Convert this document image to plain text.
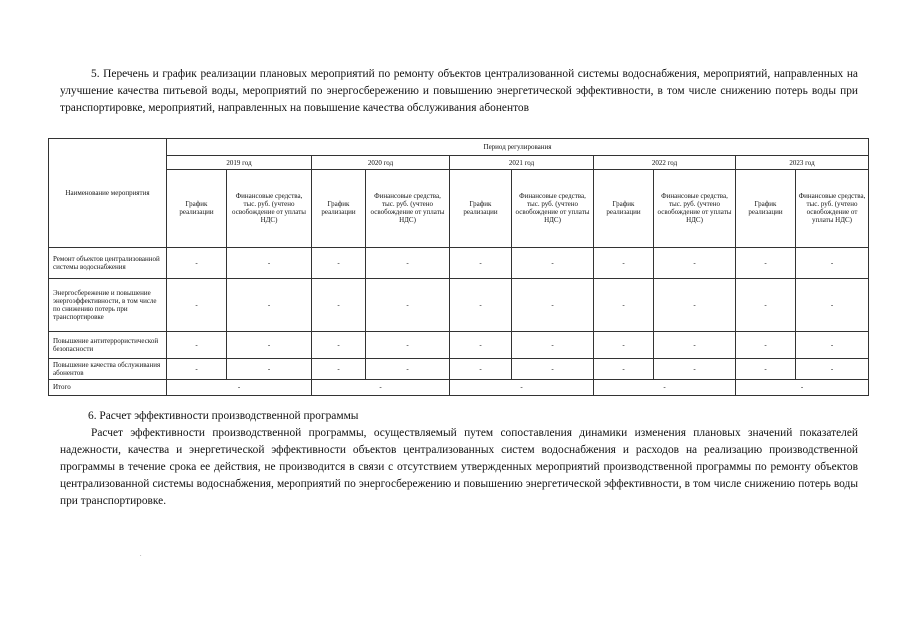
5. Перечень и график реализации плановых мероприятий по ремонту объектов централизованной системы водоснабжения, мероприятий, направленных на улучшение качества питьевой воды, мероприятий по энергосбережению и повышению энергетической эффективности, в том числе снижению потерь воды при транспортировке, мероприятий, направленных на повышение качества обслуживания абонентов

Наименование мероприятия	Период регулирования									
	2019 год		2020 год		2021 год		2022 год		2023 год	
	График реализации	Финансовые средства, тыс. руб. (учтено освобождение от уплаты НДС)	График реализации	Финансовые средства, тыс. руб. (учтено освобождение от уплаты НДС)	График реализации	Финансовые средства, тыс. руб. (учтено освобождение от уплаты НДС)	График реализации	Финансовые средства, тыс. руб. (учтено освобождение от уплаты НДС)	График реализации	Финансовые средства, тыс. руб. (учтено освобождение от уплаты НДС)
Ремонт объектов централизованной системы водоснабжения	-	-	-	-	-	-	-	-	-	-
Энергосбережение и повышение энергоэффективности, в том числе по снижению потерь при транспортировке	-	-	-	-	-	-	-	-	-	-
Повышение антитеррористической безопасности	-	-	-	-	-	-	-	-	-	-
Повышение качества обслуживания абонентов	-	-	-	-	-	-	-	-	-	-
Итого	-		-		-		-		-	

6. Расчет эффективности производственной программы

Расчет эффективности производственной программы, осуществляемый путем сопоставления динамики изменения плановых значений показателей надежности, качества и энергетической эффективности объектов централизованных систем водоснабжения и расходов на реализацию производственной программы в течение срока ее действия, не производится в связи с отсутствием утвержденных мероприятий производственной программы по ремонту объектов централизованной системы водоснабжения, мероприятий по энергосбережению и повышению энергетической эффективности, в том числе снижению потерь воды при транспортировке.

.
